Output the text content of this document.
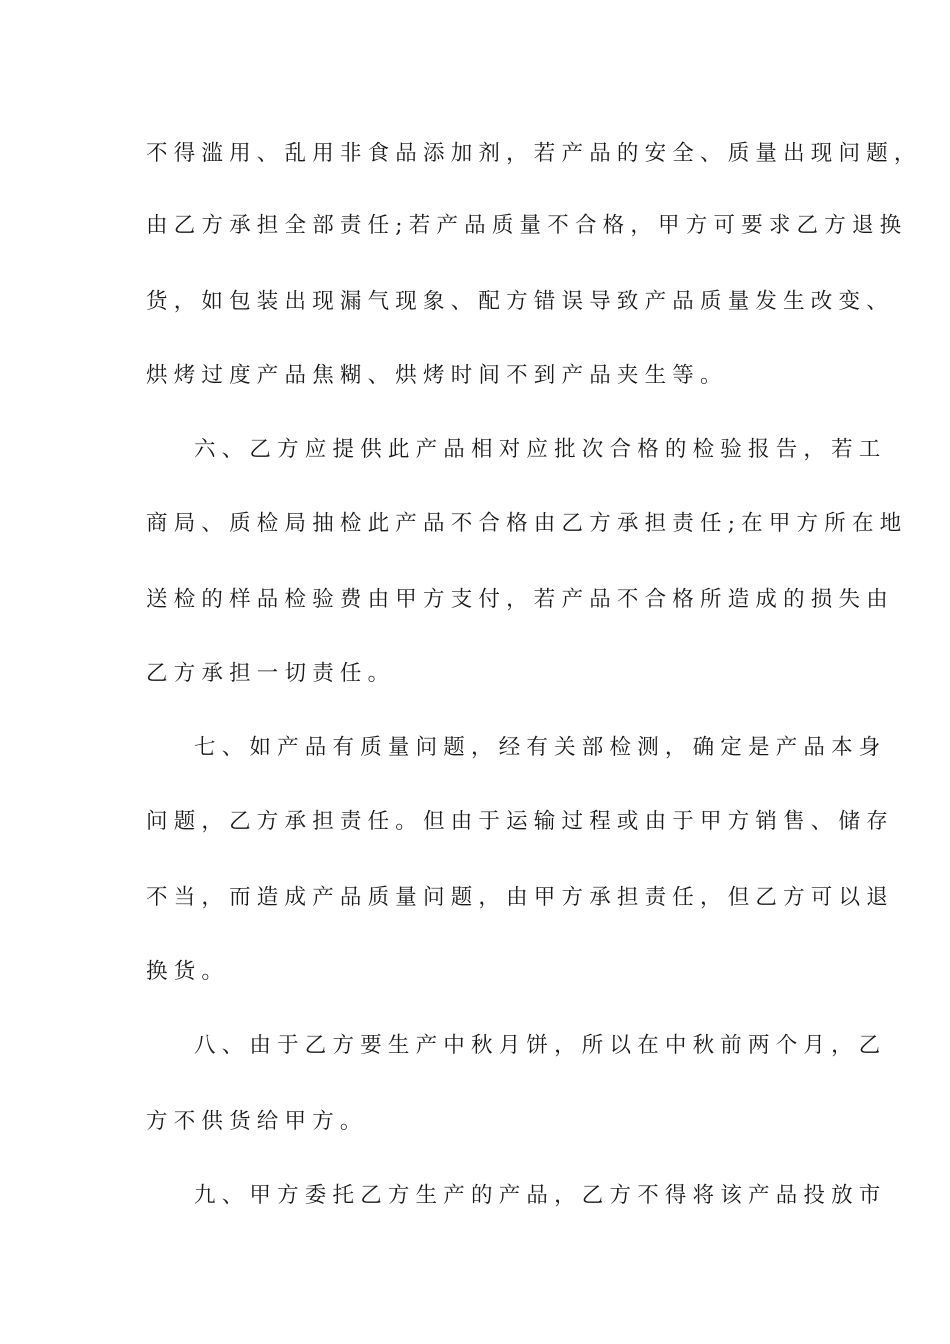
不得滥用、乱用非食品添加剂，若产品的安全、质量出现问题，
由乙方承担全部责任;若产品质量不合格，甲方可要求乙方退换
货，如包装出现漏气现象、配方错误导致产品质量发生改变、
烘烤过度产品焦糊、烘烤时间不到产品夹生等。
六、乙方应提供此产品相对应批次合格的检验报告，若工
商局、质检局抽检此产品不合格由乙方承担责任;在甲方所在地
送检的样品检验费由甲方支付，若产品不合格所造成的损失由
乙方承担一切责任。
七、如产品有质量问题，经有关部检测，确定是产品本身
问题，乙方承担责任。但由于运输过程或由于甲方销售、储存
不当，而造成产品质量问题，由甲方承担责任，但乙方可以退
换货。
八、由于乙方要生产中秋月饼，所以在中秋前两个月，乙
方不供货给甲方。
九、甲方委托乙方生产的产品，乙方不得将该产品投放市
